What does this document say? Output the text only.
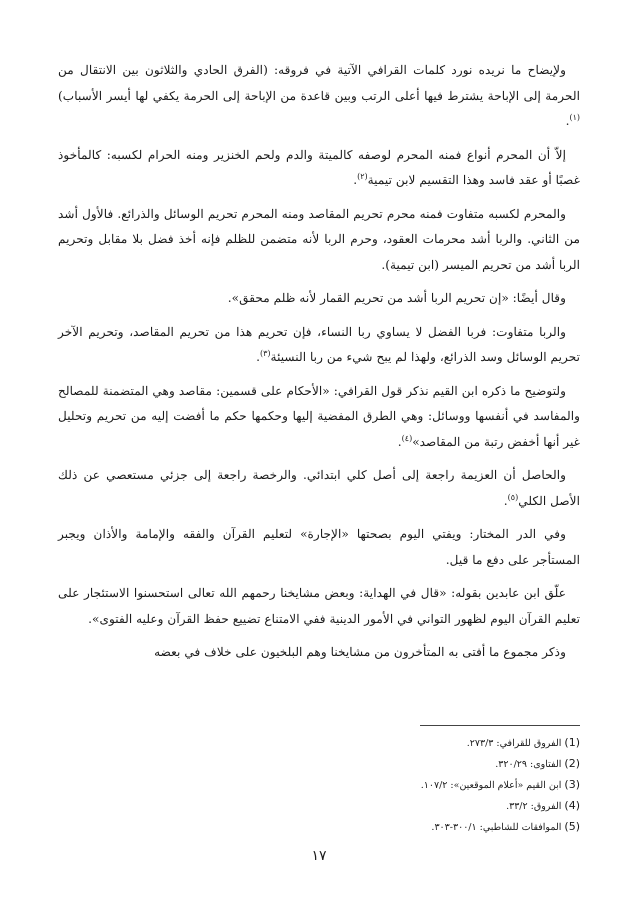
ولإيضاح ما نريده نورد كلمات القرافي الآتية في فروقه: (الفرق الحادي والثلاثون بين الانتقال من الحرمة إلى الإباحة يشترط فيها أعلى الرتب وبين قاعدة من الإباحة إلى الحرمة يكفي لها أيسر الأسباب)$^{(١)}$.

إلاّ أن المحرم أنواع فمنه المحرم لوصفه كالميتة والدم ولحم الخنزير ومنه الحرام لكسبه: كالمأخوذ غصبًا أو عقد فاسد وهذا التقسيم لابن تيمية$^{(٢)}$.

والمحرم لكسبه متفاوت فمنه محرم تحريم المقاصد ومنه المحرم تحريم الوسائل والذرائع. فالأول أشد من الثاني. والربا أشد محرمات العقود، وحرم الربا لأنه متضمن للظلم فإنه أخذ فضل بلا مقابل وتحريم الربا أشد من تحريم الميسر (ابن تيمية).

وقال أيضًا: «إن تحريم الربا أشد من تحريم القمار لأنه ظلم محقق».

والربا متفاوت: فربا الفضل لا يساوي ربا النساء، فإن تحريم هذا من تحريم المقاصد، وتحريم الآخر تحريم الوسائل وسد الذرائع، ولهذا لم يبح شيء من ربا النسيئة$^{(٣)}$.

ولتوضيح ما ذكره ابن القيم نذكر قول القرافي: «الأحكام على قسمين: مقاصد وهي المتضمنة للمصالح والمفاسد في أنفسها ووسائل: وهي الطرق المفضية إليها وحكمها حكم ما أفضت إليه من تحريم وتحليل غير أنها أخفض رتبة من المقاصد»$^{(٤)}$.

والحاصل أن العزيمة راجعة إلى أصل كلي ابتدائي. والرخصة راجعة إلى جزئي مستعصي عن ذلك الأصل الكلي$^{(٥)}$.

وفي الدر المختار: ويفتي اليوم بصحتها «الإجارة» لتعليم القرآن والفقه والإمامة والأذان ويجبر المستأجر على دفع ما قيل.

علّق ابن عابدين بقوله: «قال في الهداية: وبعض مشايخنا رحمهم الله تعالى استحسنوا الاستئجار على تعليم القرآن اليوم لظهور التواني في الأمور الدينية ففي الامتناع تضييع حفظ القرآن وعليه الفتوى».

وذكر مجموع ما أفتى به المتأخرون من مشايخنا وهم البلخيون على خلاف في بعضه

(1) الفروق للقرافي: ٢٧٣/٣.
(2) الفتاوى: ٣٢٠/٢٩.
(3) ابن القيم «أعلام الموقعين»: ١٠٧/٢.
(4) الفروق: ٣٣/٢.
(5) الموافقات للشاطبي: ٣٠٠/١-٣٠٣.
١٧
